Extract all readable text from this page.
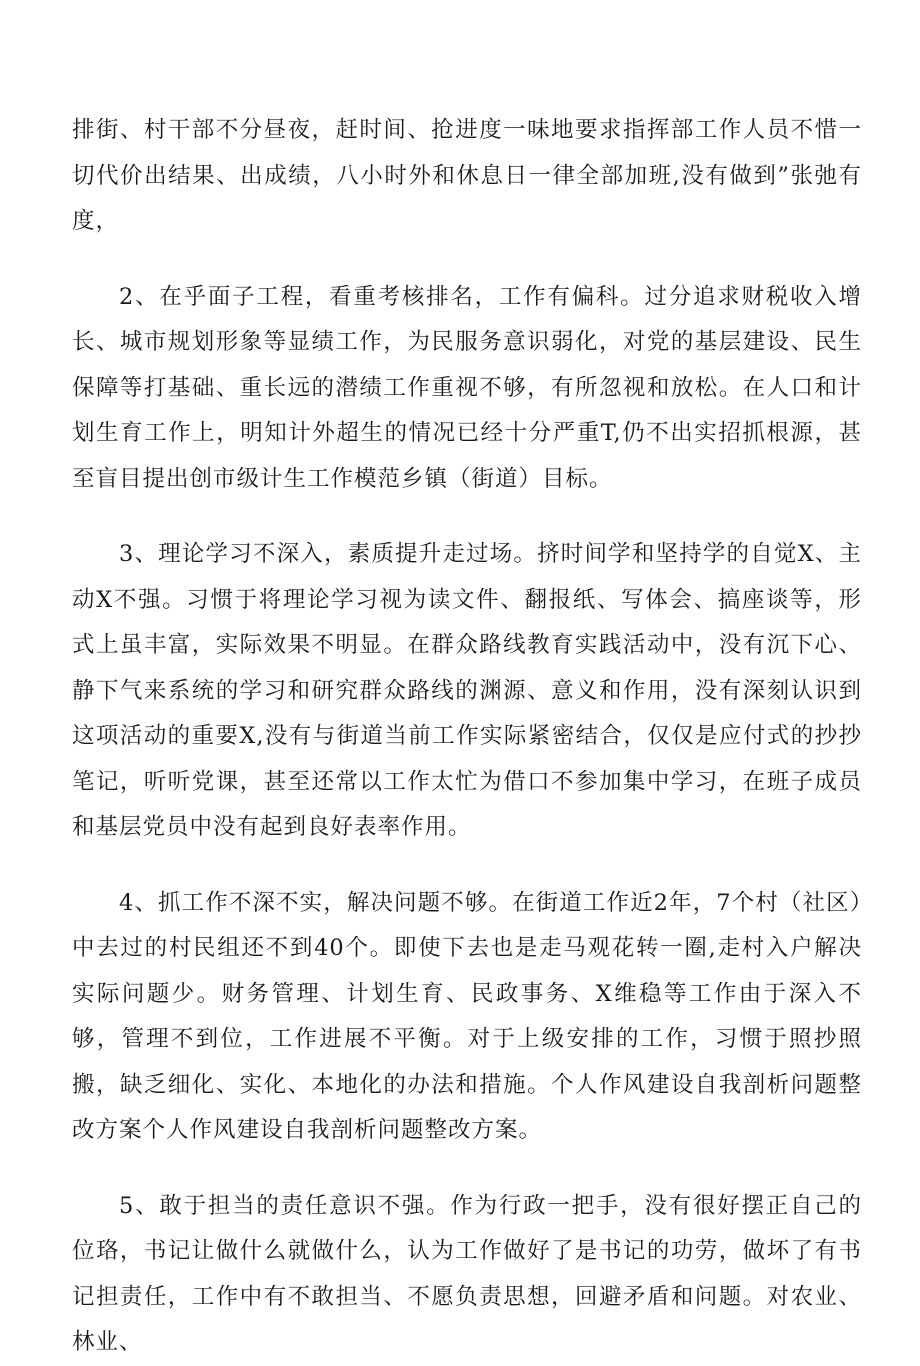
排街、村干部不分昼夜，赶时间、抢进度一味地要求指挥部工作人员不惜一切代价出结果、出成绩，八小时外和休息日一律全部加班,没有做到”张弛有度，

2、在乎面子工程，看重考核排名，工作有偏科。过分追求财税收入增长、城市规划形象等显绩工作，为民服务意识弱化，对党的基层建设、民生保障等打基础、重长远的潜绩工作重视不够，有所忽视和放松。在人口和计划生育工作上，明知计外超生的情况已经十分严重T,仍不出实招抓根源，甚至盲目提出创市级计生工作模范乡镇（街道）目标。

3、理论学习不深入，素质提升走过场。挤时间学和坚持学的自觉X、主动X不强。习惯于将理论学习视为读文件、翻报纸、写体会、搞座谈等，形式上虽丰富，实际效果不明显。在群众路线教育实践活动中，没有沉下心、静下气来系统的学习和研究群众路线的渊源、意义和作用，没有深刻认识到这项活动的重要X,没有与街道当前工作实际紧密结合，仅仅是应付式的抄抄笔记，听听党课，甚至还常以工作太忙为借口不参加集中学习，在班子成员和基层党员中没有起到良好表率作用。

4、抓工作不深不实，解决问题不够。在街道工作近2年，7个村（社区）中去过的村民组还不到40个。即使下去也是走马观花转一圈,走村入户解决实际问题少。财务管理、计划生育、民政事务、X维稳等工作由于深入不够，管理不到位，工作进展不平衡。对于上级安排的工作，习惯于照抄照搬，缺乏细化、实化、本地化的办法和措施。个人作风建设自我剖析问题整改方案个人作风建设自我剖析问题整改方案。

5、敢于担当的责任意识不强。作为行政一把手，没有很好摆正自己的位珞，书记让做什么就做什么，认为工作做好了是书记的功劳，做坏了有书记担责任，工作中有不敢担当、不愿负责思想，回避矛盾和问题。对农业、林业、
